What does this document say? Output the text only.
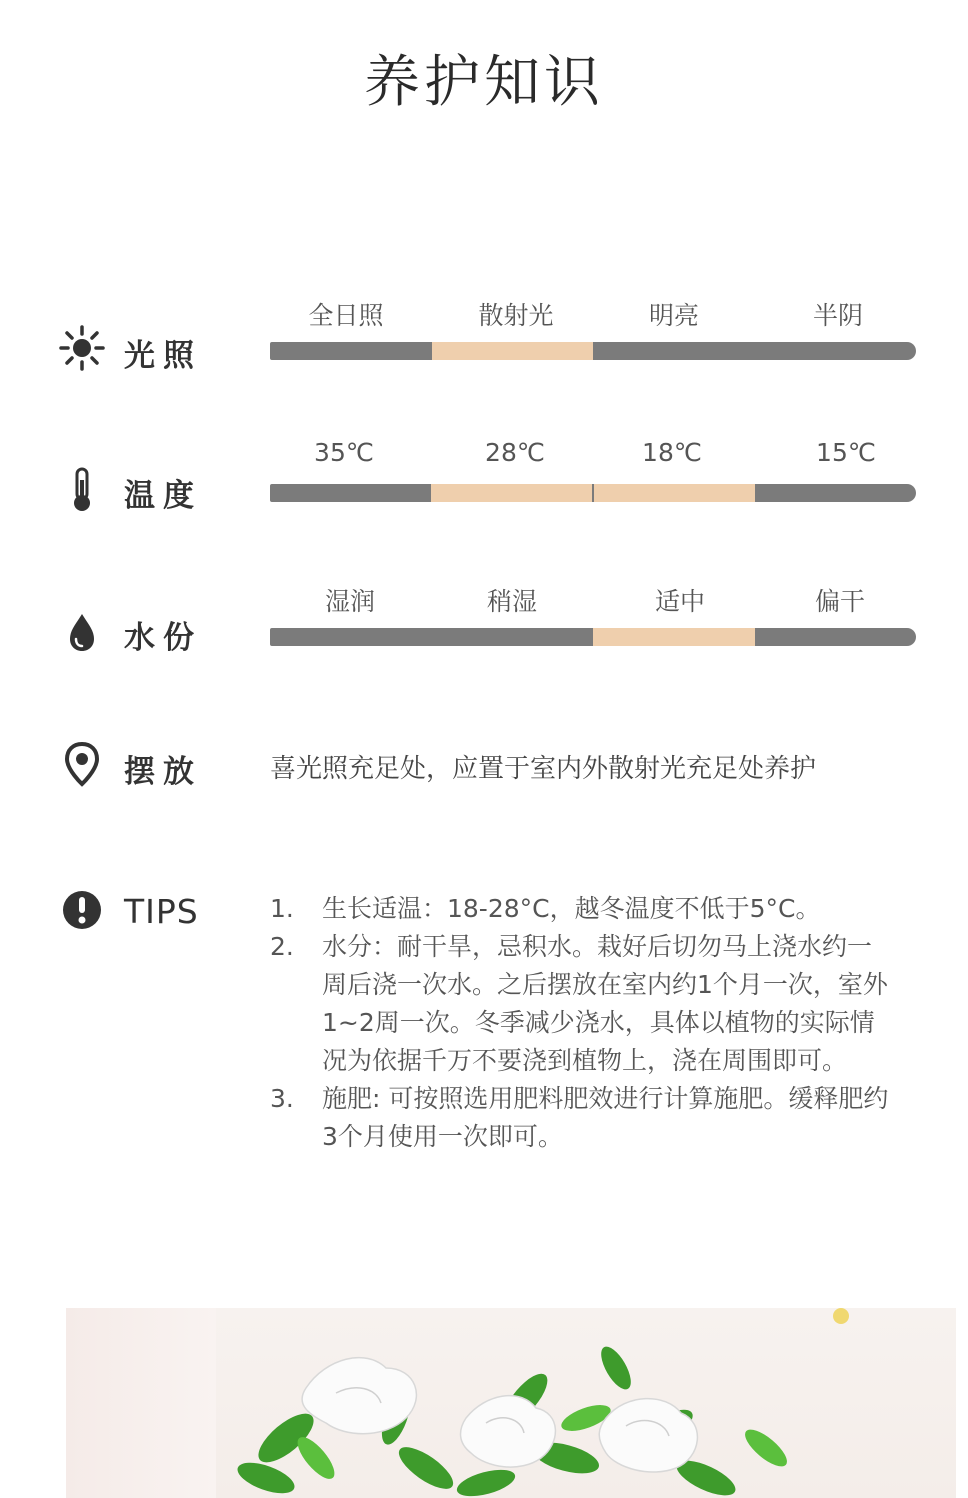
养护知识
光照
全日照	散射光	明亮	半阴
温度
35℃	28℃	18℃	15℃
水份
湿润	稍湿	适中	偏干
摆放	喜光照充足处，应置于室内外散射光充足处养护
TIPS	1.	生长适温：18-28°C，越冬温度不低于5°C。
2.	水分：耐干旱，忌积水。栽好后切勿马上浇水约一周后浇一次水。之后摆放在室内约1个月一次，室外1~2周一次。冬季减少浇水，具体以植物的实际情况为依据千万不要浇到植物上，浇在周围即可。
3.	施肥: 可按照选用肥料肥效进行计算施肥。缓释肥约3个月使用一次即可。
